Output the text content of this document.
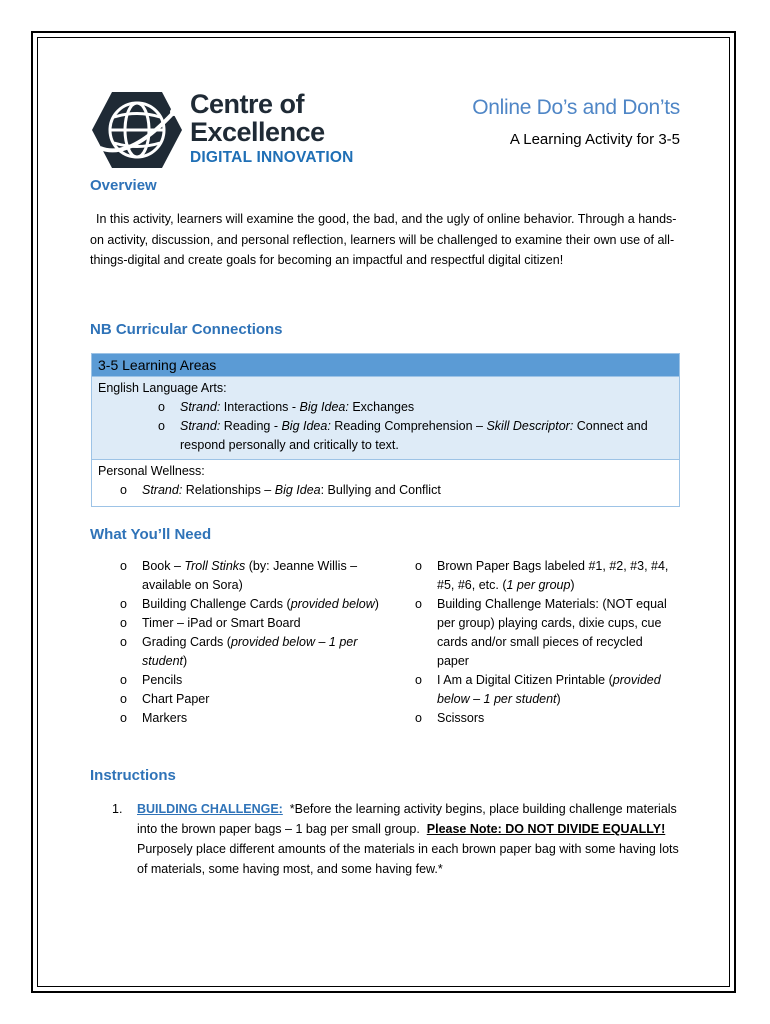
Centre of
Excellence
DIGITAL INNOVATION
Online Do’s and Don’ts
A Learning Activity for 3-5
Overview

In this activity, learners will examine the good, the bad, and the ugly of online behavior. Through a hands-on activity, discussion, and personal reflection, learners will be challenged to examine their own use of all-things-digital and create goals for becoming an impactful and respectful digital citizen!

NB Curricular Connections
3-5 Learning Areas
English Language Arts:
o Strand: Interactions - Big Idea: Exchanges
o Strand: Reading - Big Idea: Reading Comprehension – Skill Descriptor: Connect and respond personally and critically to text.
Personal Wellness:
o Strand: Relationships – Big Idea: Bullying and Conflict
What You’ll Need
o Book – Troll Stinks (by: Jeanne Willis – available on Sora)
o Building Challenge Cards (provided below)
o Timer – iPad or Smart Board
o Grading Cards (provided below – 1 per student)
o Pencils
o Chart Paper
o Markers
o Brown Paper Bags labeled #1, #2, #3, #4, #5, #6, etc. (1 per group)
o Building Challenge Materials: (NOT equal per group) playing cards, dixie cups, cue cards and/or small pieces of recycled paper
o I Am a Digital Citizen Printable (provided below – 1 per student)
o Scissors
Instructions
1. BUILDING CHALLENGE:  *Before the learning activity begins, place building challenge materials into the brown paper bags – 1 bag per small group.  Please Note: DO NOT DIVIDE EQUALLY!  Purposely place different amounts of the materials in each brown paper bag with some having lots of materials, some having most, and some having few.*
